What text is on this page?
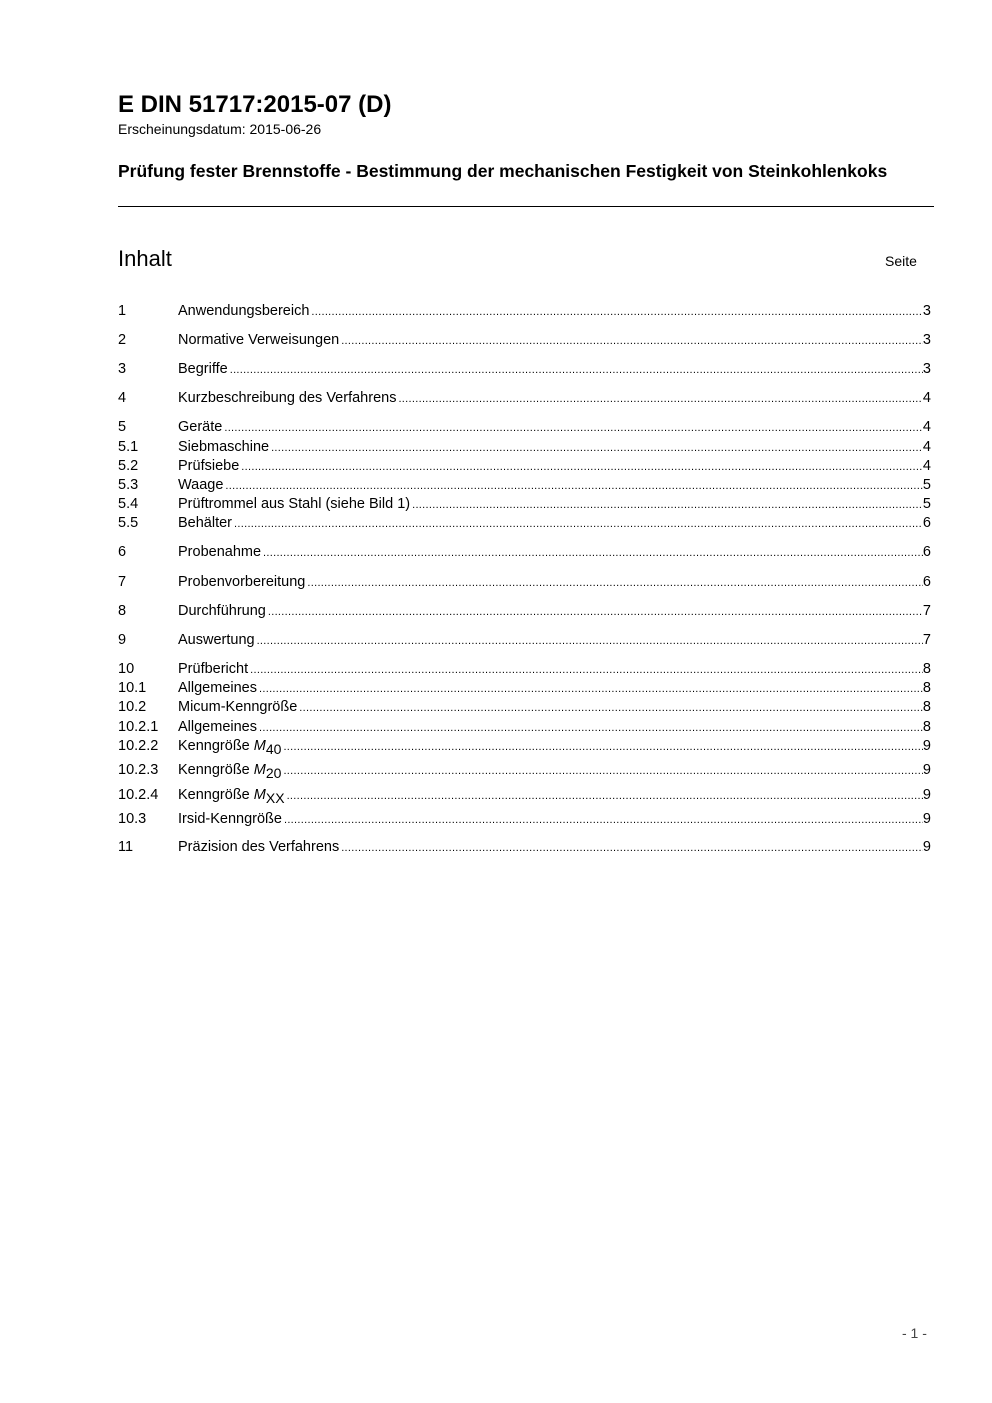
E DIN 51717:2015-07 (D)
Erscheinungsdatum: 2015-06-26
Prüfung fester Brennstoffe - Bestimmung der mechanischen Festigkeit von Steinkohlenkoks
Inhalt	Seite
1	Anwendungsbereich .....	3
2	Normative Verweisungen .....	3
3	Begriffe .....	3
4	Kurzbeschreibung des Verfahrens .....	4
5	Geräte .....	4
5.1	Siebmaschine .....	4
5.2	Prüfsiebe .....	4
5.3	Waage .....	5
5.4	Prüftrommel aus Stahl (siehe Bild 1) .....	5
5.5	Behälter .....	6
6	Probenahme .....	6
7	Probenvorbereitung .....	6
8	Durchführung .....	7
9	Auswertung .....	7
10	Prüfbericht .....	8
10.1 Allgemeines .....	8
10.2 Micum-Kenngröße .....	8
10.2.1 Allgemeines .....	8
10.2.2 Kenngröße $M_{40}$ .....	9
10.2.3 Kenngröße $M_{20}$ .....	9
10.2.4 Kenngröße $M_{XX}$ .....	9
10.3 Irsid-Kenngröße .....	9
11	Präzision des Verfahrens .....	9
- 1 -
